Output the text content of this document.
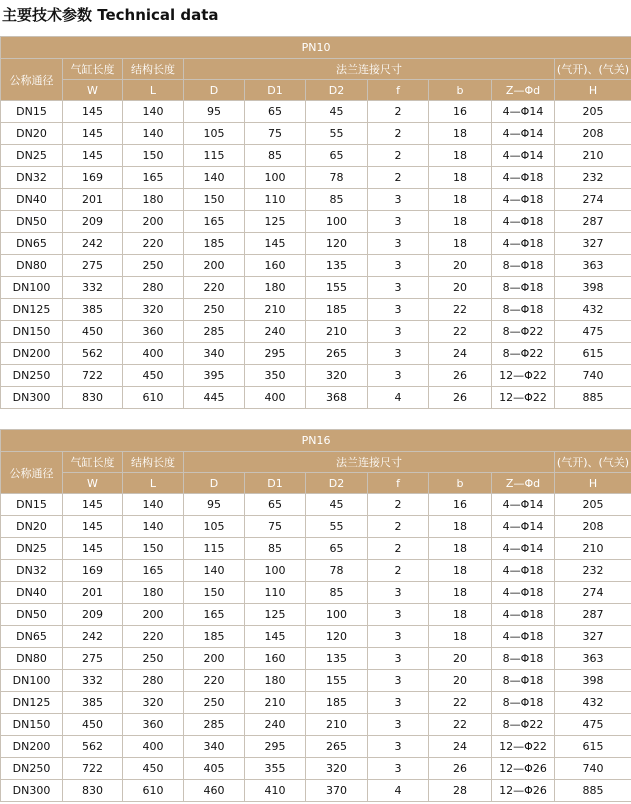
主要技术参数 Technical data
PN10									
公称通径	气缸长度	结构长度	法兰连接尺寸						(气开)、(气关)
	W	L	D	D1	D2	f	b	Z—Φd	H
DN15	145	140	95	65	45	2	16	4—Φ14	205
DN20	145	140	105	75	55	2	18	4—Φ14	208
DN25	145	150	115	85	65	2	18	4—Φ14	210
DN32	169	165	140	100	78	2	18	4—Φ18	232
DN40	201	180	150	110	85	3	18	4—Φ18	274
DN50	209	200	165	125	100	3	18	4—Φ18	287
DN65	242	220	185	145	120	3	18	4—Φ18	327
DN80	275	250	200	160	135	3	20	8—Φ18	363
DN100	332	280	220	180	155	3	20	8—Φ18	398
DN125	385	320	250	210	185	3	22	8—Φ18	432
DN150	450	360	285	240	210	3	22	8—Φ22	475
DN200	562	400	340	295	265	3	24	8—Φ22	615
DN250	722	450	395	350	320	3	26	12—Φ22	740
DN300	830	610	445	400	368	4	26	12—Φ22	885
PN16									
公称通径	气缸长度	结构长度	法兰连接尺寸						(气开)、(气关)
	W	L	D	D1	D2	f	b	Z—Φd	H
DN15	145	140	95	65	45	2	16	4—Φ14	205
DN20	145	140	105	75	55	2	18	4—Φ14	208
DN25	145	150	115	85	65	2	18	4—Φ14	210
DN32	169	165	140	100	78	2	18	4—Φ18	232
DN40	201	180	150	110	85	3	18	4—Φ18	274
DN50	209	200	165	125	100	3	18	4—Φ18	287
DN65	242	220	185	145	120	3	18	4—Φ18	327
DN80	275	250	200	160	135	3	20	8—Φ18	363
DN100	332	280	220	180	155	3	20	8—Φ18	398
DN125	385	320	250	210	185	3	22	8—Φ18	432
DN150	450	360	285	240	210	3	22	8—Φ22	475
DN200	562	400	340	295	265	3	24	12—Φ22	615
DN250	722	450	405	355	320	3	26	12—Φ26	740
DN300	830	610	460	410	370	4	28	12—Φ26	885
